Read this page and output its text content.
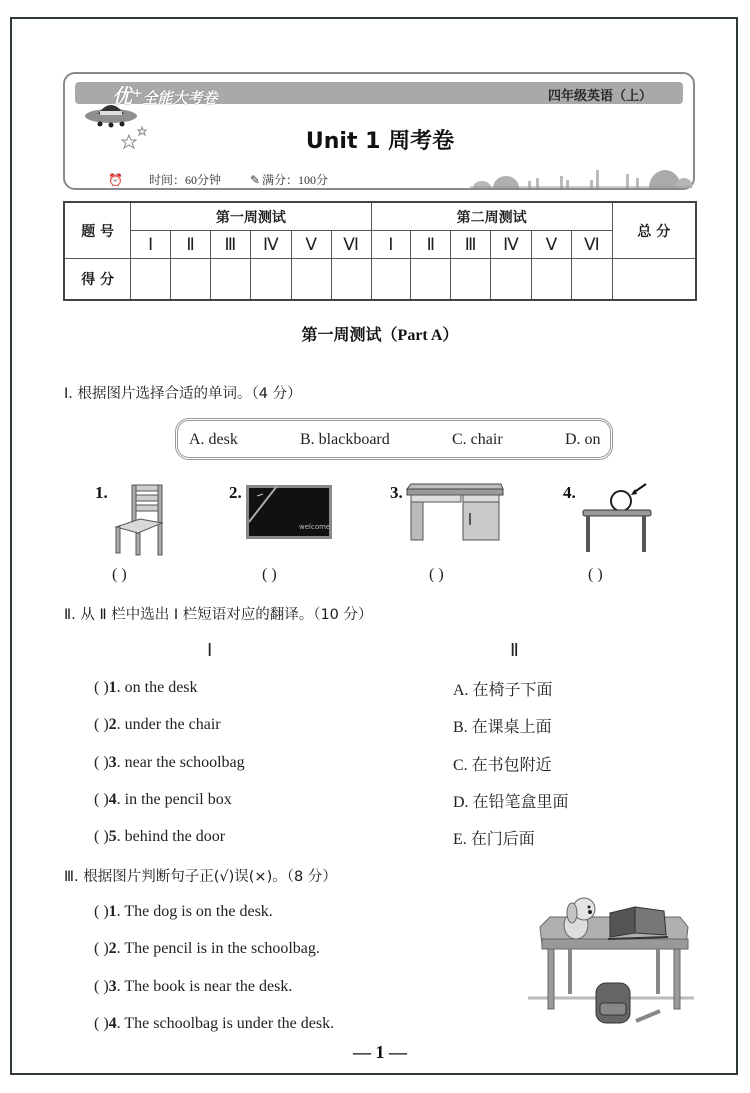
优+全能大考卷	四年级英语（上）
Unit 1 周考卷
⏰ 时间：60分钟 ✎ 满分：100分
题 号	第一周测试						第二周测试						总 分
	Ⅰ	Ⅱ	Ⅲ	Ⅳ	Ⅴ	Ⅵ	Ⅰ	Ⅱ	Ⅲ	Ⅳ	Ⅴ	Ⅵ	
得 分													
第一周测试（Part A）
Ⅰ. 根据图片选择合适的单词。（4 分）
A. desk	B. blackboard	C. chair	D. on
1.
( )
2.
welcome
( )
3.
( )
4.
( )
Ⅱ. 从 Ⅱ 栏中选出 Ⅰ 栏短语对应的翻译。（10 分）
Ⅰ	Ⅱ
( )1. on the desk
( )2. under the chair
( )3. near the schoolbag
( )4. in the pencil box
( )5. behind the door
A. 在椅子下面
B. 在课桌上面
C. 在书包附近
D. 在铅笔盒里面
E. 在门后面
Ⅲ. 根据图片判断句子正(√)误(×)。（8 分）
( )1. The dog is on the desk.
( )2. The pencil is in the schoolbag.
( )3. The book is near the desk.
( )4. The schoolbag is under the desk.
— 1 —
